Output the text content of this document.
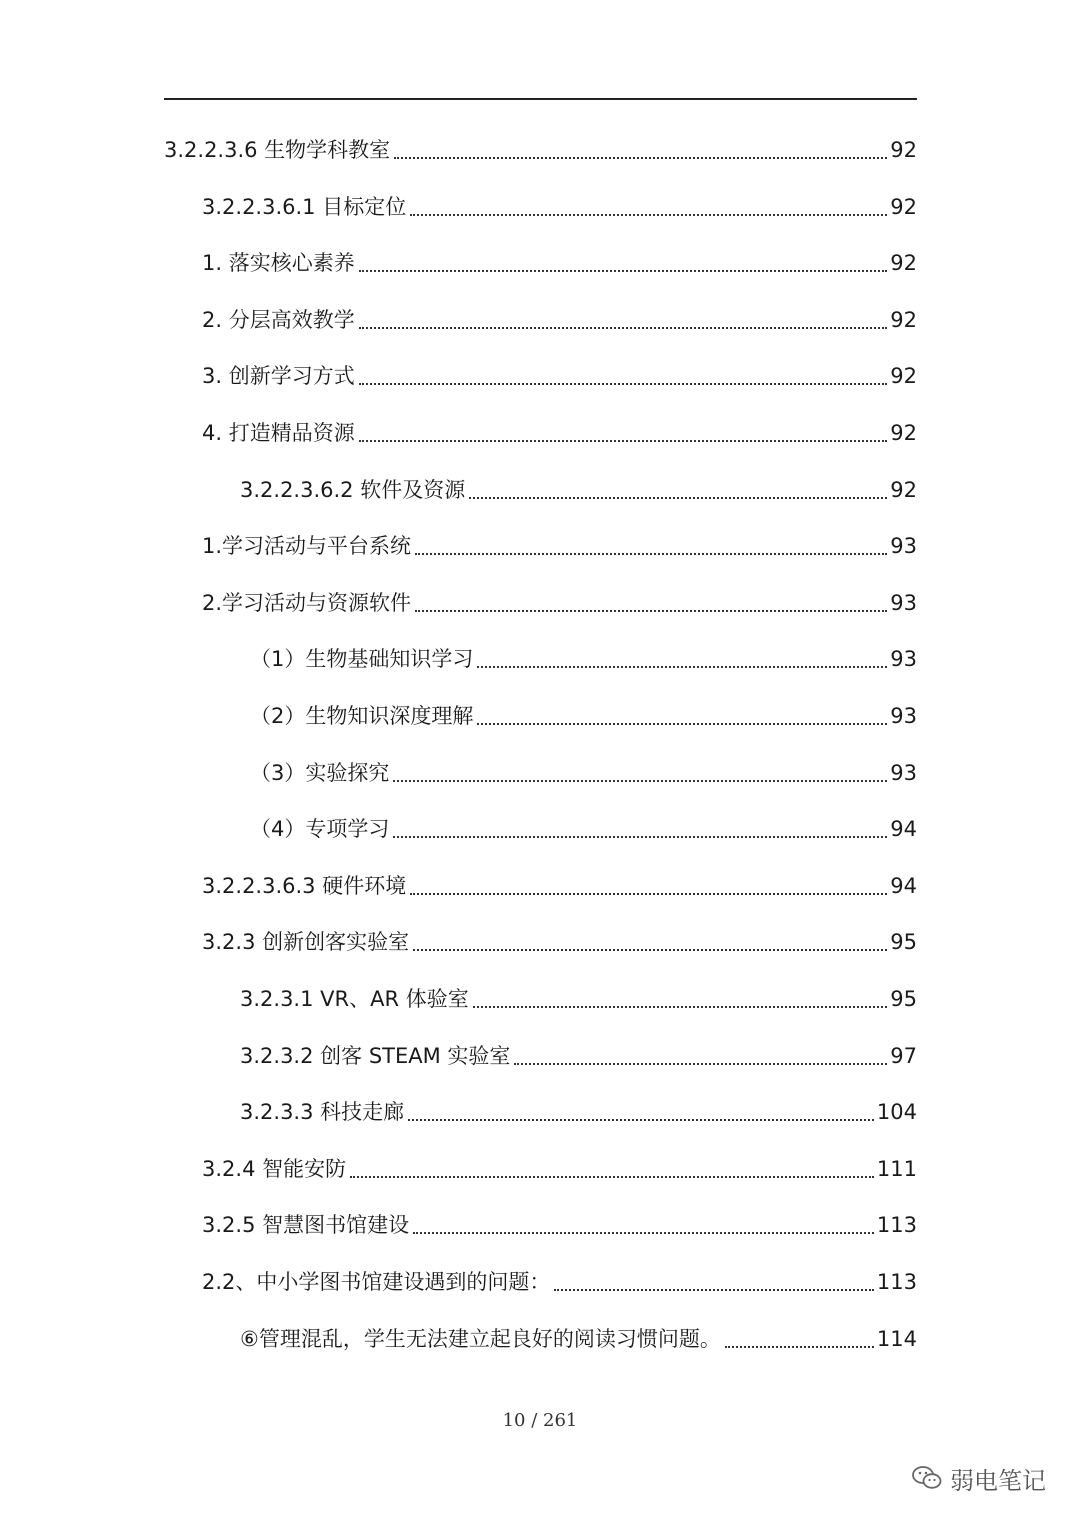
3.2.2.3.6 生物学科教室	92
3.2.2.3.6.1 目标定位	92
1. 落实核心素养	92
2. 分层高效教学	92
3. 创新学习方式	92
4. 打造精品资源	92
3.2.2.3.6.2 软件及资源	92
1.学习活动与平台系统	93
2.学习活动与资源软件	93
（1）生物基础知识学习	93
（2）生物知识深度理解	93
（3）实验探究	93
（4）专项学习	94
3.2.2.3.6.3 硬件环境	94
3.2.3 创新创客实验室	95
3.2.3.1 VR、AR 体验室	95
3.2.3.2 创客 STEAM 实验室	97
3.2.3.3 科技走廊	104
3.2.4 智能安防	111
3.2.5 智慧图书馆建设	113
2.2、中小学图书馆建设遇到的问题：	113
⑥管理混乱，学生无法建立起良好的阅读习惯问题。	114
10 / 261
弱电笔记
